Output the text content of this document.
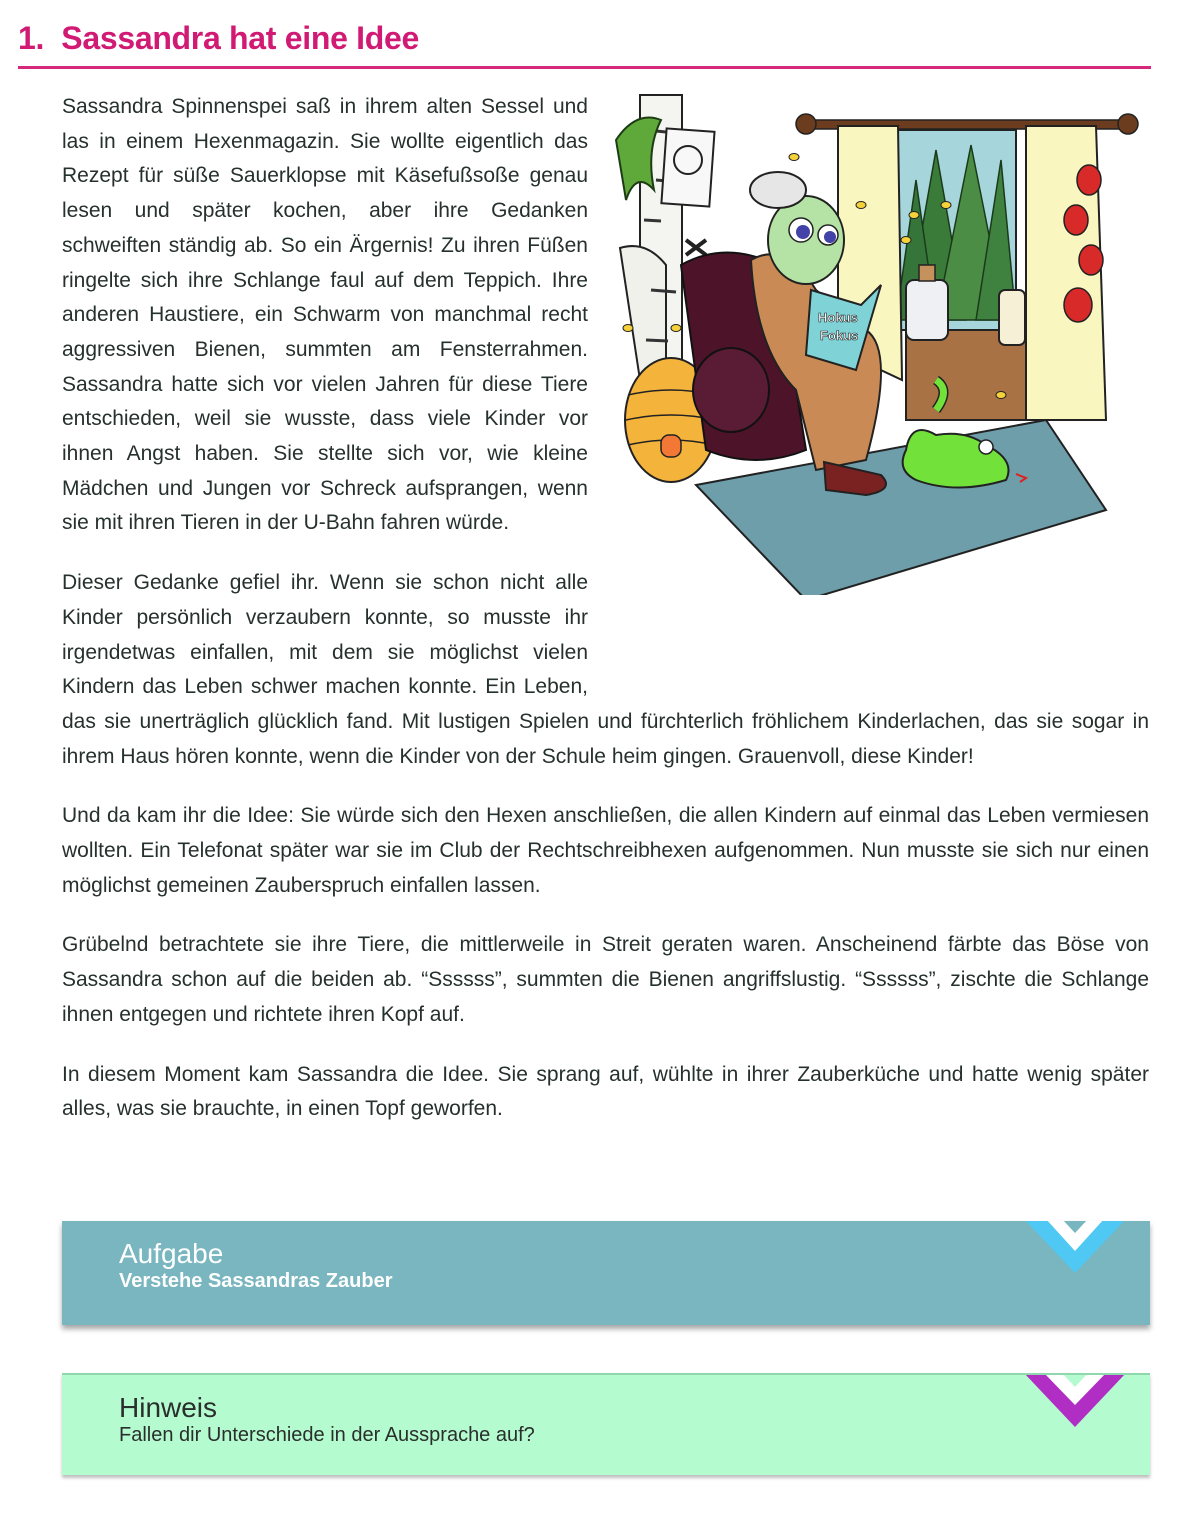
1. Sassandra hat eine Idee
Hokus
Fokus

Sassandra Spinnenspei saß in ihrem alten Sessel und las in einem Hexenmagazin. Sie wollte eigentlich das Rezept für süße Sauerklopse mit Käsefußsoße genau lesen und später kochen, aber ihre Gedanken schweiften ständig ab. So ein Ärgernis! Zu ihren Füßen ringelte sich ihre Schlange faul auf dem Teppich. Ihre anderen Haustiere, ein Schwarm von manchmal recht aggressiven Bienen, summten am Fensterrahmen. Sassandra hatte sich vor vielen Jahren für diese Tiere entschieden, weil sie wusste, dass viele Kinder vor ihnen Angst haben. Sie stellte sich vor, wie kleine Mädchen und Jungen vor Schreck aufsprangen, wenn sie mit ihren Tieren in der U-Bahn fahren würde.

Dieser Gedanke gefiel ihr. Wenn sie schon nicht alle Kinder persönlich verzaubern konnte, so musste ihr irgendetwas einfallen, mit dem sie möglichst vielen Kindern das Leben schwer machen konnte. Ein Leben, das sie unerträglich glücklich fand. Mit lustigen Spielen und fürchterlich fröhlichem Kinderlachen, das sie sogar in ihrem Haus hören konnte, wenn die Kinder von der Schule heim gingen. Grauenvoll, diese Kinder!

Und da kam ihr die Idee: Sie würde sich den Hexen anschließen, die allen Kindern auf einmal das Leben vermiesen wollten. Ein Telefonat später war sie im Club der Rechtschreibhexen aufgenommen. Nun musste sie sich nur einen möglichst gemeinen Zauberspruch einfallen lassen.

Grübelnd betrachtete sie ihre Tiere, die mittlerweile in Streit geraten waren. Anscheinend färbte das Böse von Sassandra schon auf die beiden ab. “Ssssss”, summten die Bienen angriffslustig. “Ssssss”, zischte die Schlange ihnen entgegen und richtete ihren Kopf auf.

In diesem Moment kam Sassandra die Idee. Sie sprang auf, wühlte in ihrer Zauberküche und hatte wenig später alles, was sie brauchte, in einen Topf geworfen.

Aufgabe
Verstehe Sassandras Zauber
Hinweis
Fallen dir Unterschiede in der Aussprache auf?
